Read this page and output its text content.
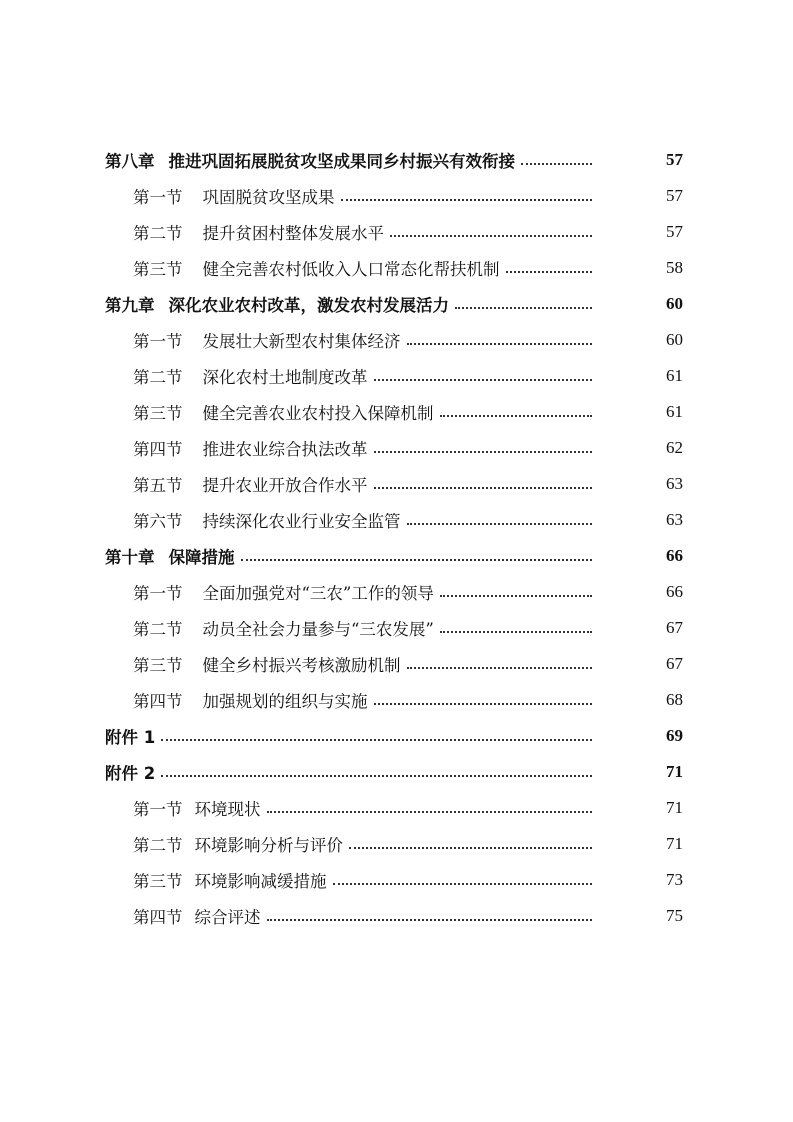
第八章 推进巩固拓展脱贫攻坚成果同乡村振兴有效衔接	57
第一节 巩固脱贫攻坚成果	57
第二节 提升贫困村整体发展水平	57
第三节 健全完善农村低收入人口常态化帮扶机制	58
第九章 深化农业农村改革，激发农村发展活力	60
第一节 发展壮大新型农村集体经济	60
第二节 深化农村土地制度改革	61
第三节 健全完善农业农村投入保障机制	61
第四节 推进农业综合执法改革	62
第五节 提升农业开放合作水平	63
第六节 持续深化农业行业安全监管	63
第十章 保障措施	66
第一节 全面加强党对“三农”工作的领导	66
第二节 动员全社会力量参与“三农发展”	67
第三节 健全乡村振兴考核激励机制	67
第四节 加强规划的组织与实施	68
附件 1	69
附件 2	71
第一节 环境现状	71
第二节 环境影响分析与评价	71
第三节 环境影响减缓措施	73
第四节 综合评述	75
